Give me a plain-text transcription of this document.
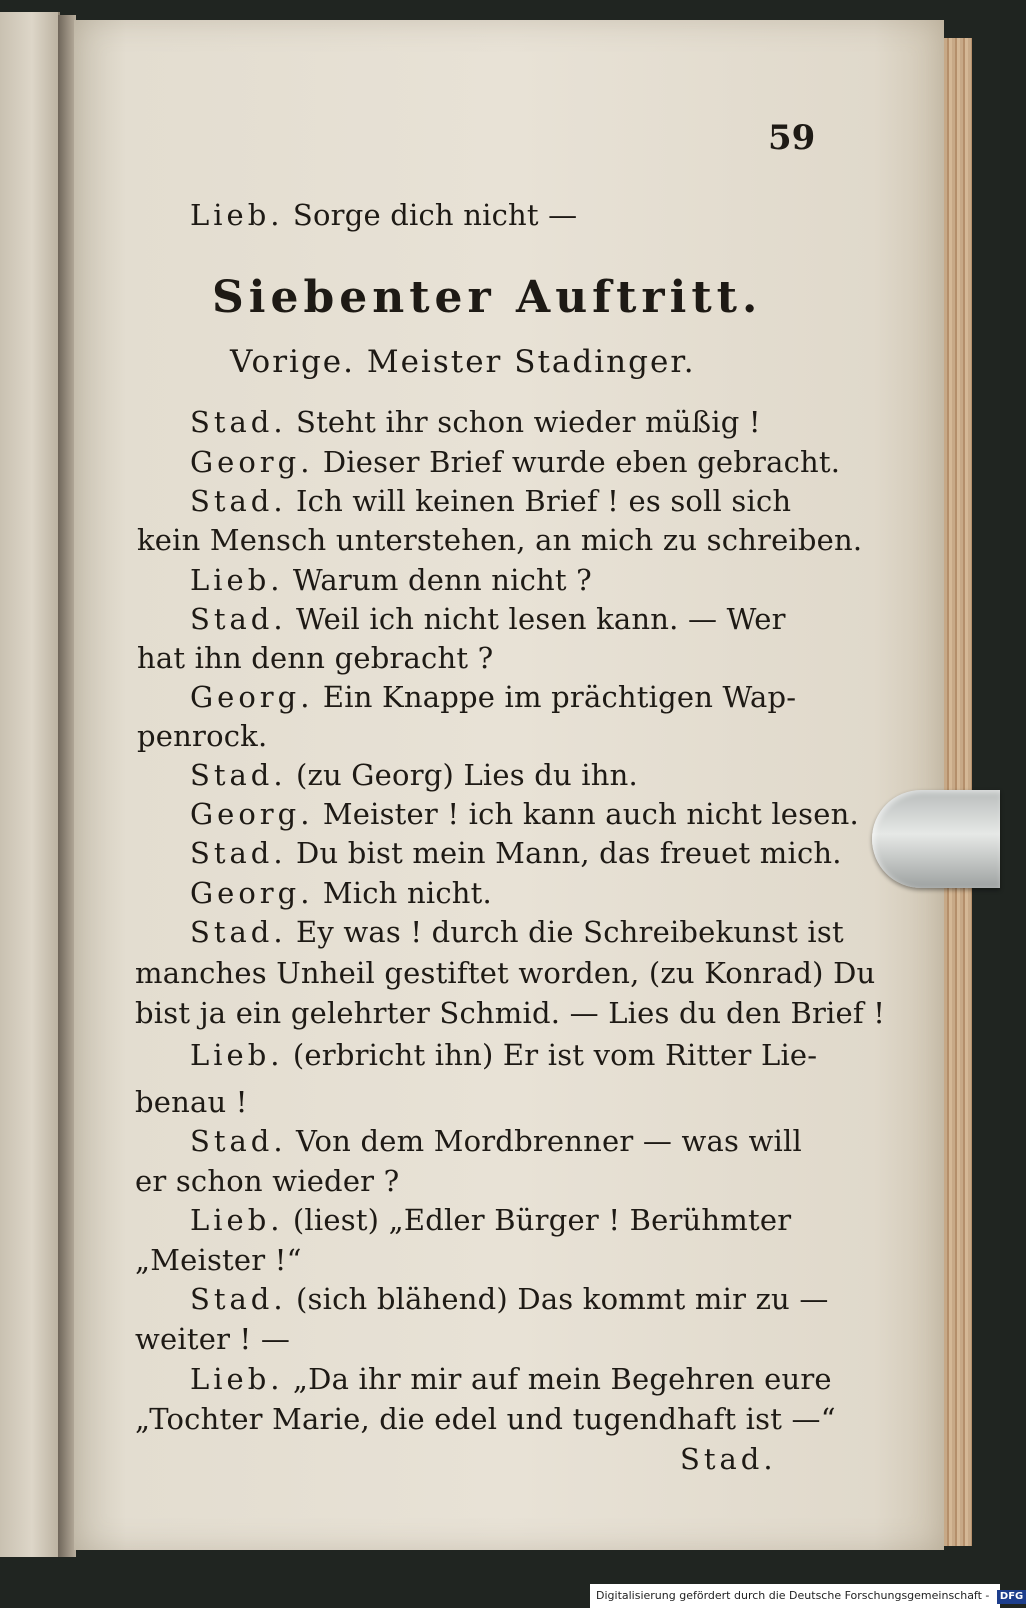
59
Lieb. Sorge dich nicht —
Siebenter Auftritt.
Vorige. Meister Stadinger.
Stad. Steht ihr schon wieder müßig !
Georg. Dieser Brief wurde eben gebracht.
Stad. Ich will keinen Brief ! es soll sich
kein Mensch unterstehen, an mich zu schreiben.
Lieb. Warum denn nicht ?
Stad. Weil ich nicht lesen kann. — Wer
hat ihn denn gebracht ?
Georg. Ein Knappe im prächtigen Wap-
penrock.
Stad. (zu Georg) Lies du ihn.
Georg. Meister ! ich kann auch nicht lesen.
Stad. Du bist mein Mann, das freuet mich.
Georg. Mich nicht.
Stad. Ey was ! durch die Schreibekunst ist
manches Unheil gestiftet worden, (zu Konrad) Du
bist ja ein gelehrter Schmid. — Lies du den Brief !
Lieb. (erbricht ihn) Er ist vom Ritter Lie-
benau !
Stad. Von dem Mordbrenner — was will
er schon wieder ?
Lieb. (liest) „Edler Bürger ! Berühmter
„Meister !“
Stad. (sich blähend) Das kommt mir zu —
weiter ! —
Lieb. „Da ihr mir auf mein Begehren eure
„Tochter Marie, die edel und tugendhaft ist —“
Stad.
Digitalisierung gefördert durch die Deutsche Forschungsgemeinschaft - DFG
